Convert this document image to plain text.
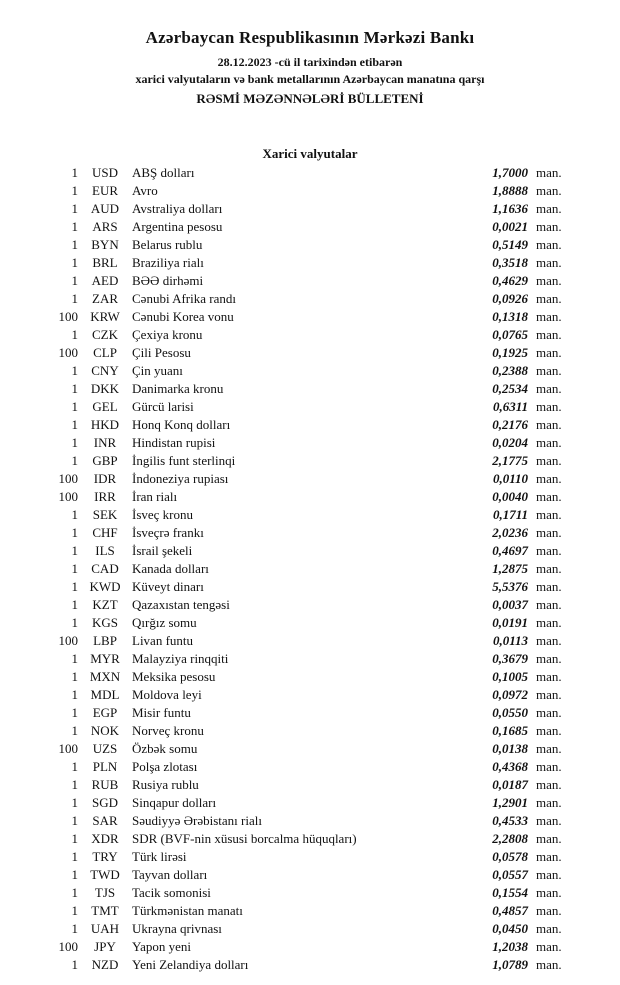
Azərbaycan Respublikasının Mərkəzi Bankı
28.12.2023 -cü il tarixindən etibarən
xarici valyutaların və bank metallarının Azərbaycan manatına qarşı
RƏSMİ MƏZƏNNƏLƏRİ BÜLLETENİ
Xarici valyutalar
1	USD	ABŞ dolları	1,7000 man.
1	EUR	Avro	1,8888 man.
1 AUD Avstraliya dolları	1,1636 man.
1	ARS	Argentina pesosu	0,0021 man.
1	BYN	Belarus rublu	0,5149 man.
1	BRL	Braziliya rialı	0,3518 man.
1	AED	BƏƏ dirhəmi	0,4629 man.
1	ZAR	Cənubi Afrika randı	0,0926 man.
100 KRW Cənubi Korea vonu	0,1318 man.
1	CZK	Çexiya kronu	0,0765 man.
100	CLP	Çili Pesosu	0,1925 man.
1	CNY	Çin yuanı	0,2388 man.
1 DKK Danimarka kronu	0,2534 man.
1	GEL	Gürcü larisi	0,6311 man.
1 HKD Honq Konq dolları	0,2176 man.
1	INR	Hindistan rupisi	0,0204 man.
1	GBP	İngilis funt sterlinqi	2,1775 man.
100	IDR	İndoneziya rupiası	0,0110 man.
100	IRR	İran rialı	0,0040 man.
1	SEK	İsveç kronu	0,1711 man.
1	CHF	İsveçrə frankı	2,0236 man.
1	ILS	İsrail şekeli	0,4697 man.
1	CAD	Kanada dolları	1,2875 man.
1 KWD Küveyt dinarı	5,5376 man.
1	KZT	Qazaxıstan tengəsi	0,0037 man.
1	KGS	Qırğız somu	0,0191 man.
100	LBP	Livan funtu	0,0113 man.
1 MYR Malayziya rinqqiti	0,3679 man.
1 MXN Meksika pesosu	0,1005 man.
1 MDL Moldova leyi	0,0972 man.
1	EGP	Misir funtu	0,0550 man.
1 NOK Norveç kronu	0,1685 man.
100	UZS	Özbək somu	0,0138 man.
1	PLN	Polşa zlotası	0,4368 man.
1	RUB	Rusiya rublu	0,0187 man.
1	SGD	Sinqapur dolları	1,2901 man.
1	SAR	Səudiyyə Ərəbistanı rialı	0,4533 man.
1	XDR	SDR (BVF-nin xüsusi borcalma hüquqları)	2,2808 man.
1	TRY	Türk lirəsi	0,0578 man.
1 TWD Tayvan dolları	0,0557 man.
1	TJS	Tacik somonisi	0,1554 man.
1	TMT	Türkmənistan manatı	0,4857 man.
1 UAH Ukrayna qrivnası	0,0450 man.
100	JPY	Yapon yeni	1,2038 man.
1	NZD	Yeni Zelandiya dolları	1,0789 man.
